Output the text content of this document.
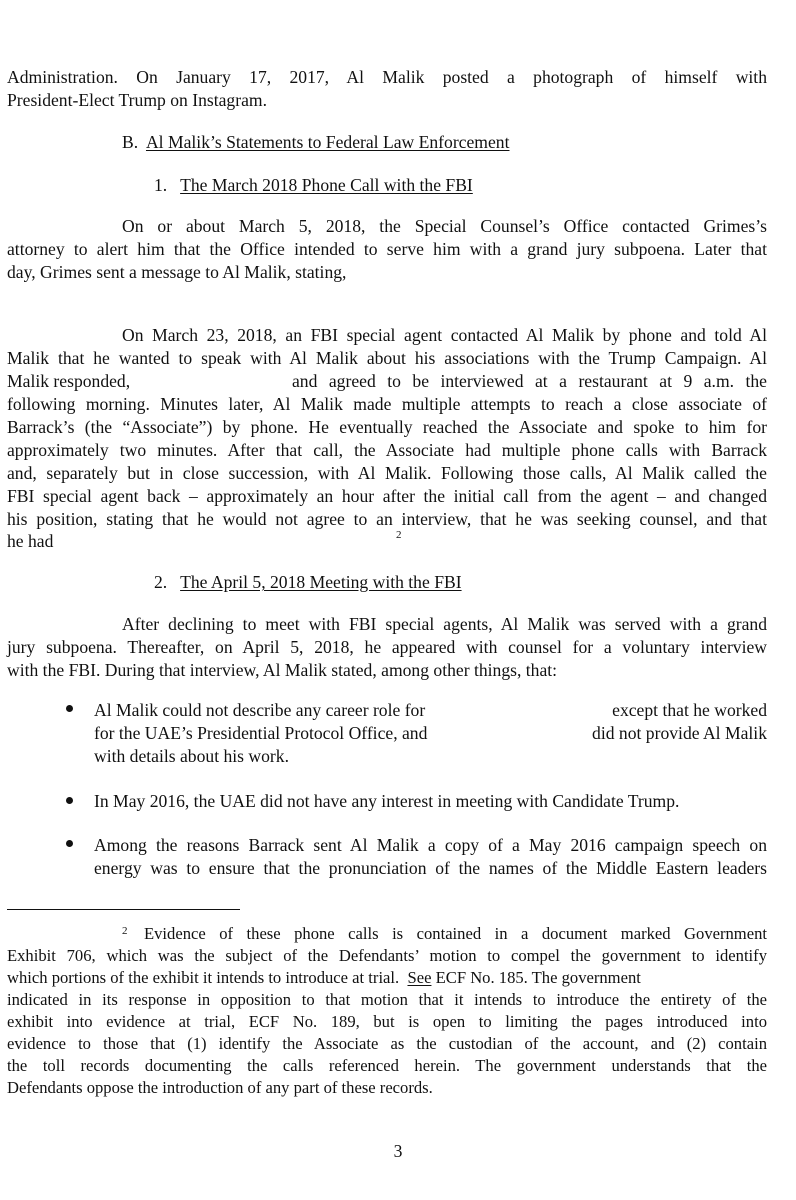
Administration. On January 17, 2017, Al Malik posted a photograph of himself with
President-Elect Trump on Instagram.
B. Al Malik’s Statements to Federal Law Enforcement
1. The March 2018 Phone Call with the FBI
On or about March 5, 2018, the Special Counsel’s Office contacted Grimes’s
attorney to alert him that the Office intended to serve him with a grand jury subpoena. Later that
day, Grimes sent a message to Al Malik, stating,
On March 23, 2018, an FBI special agent contacted Al Malik by phone and told Al
Malik that he wanted to speak with Al Malik about his associations with the Trump Campaign. Al
Malik responded,	and agreed to be interviewed at a restaurant at 9 a.m. the
following morning. Minutes later, Al Malik made multiple attempts to reach a close associate of
Barrack’s (the “Associate”) by phone. He eventually reached the Associate and spoke to him for
approximately two minutes. After that call, the Associate had multiple phone calls with Barrack
and, separately but in close succession, with Al Malik. Following those calls, Al Malik called the
FBI special agent back – approximately an hour after the initial call from the agent – and changed
his position, stating that he would not agree to an interview, that he was seeking counsel, and that
he had	2
2. The April 5, 2018 Meeting with the FBI
After declining to meet with FBI special agents, Al Malik was served with a grand
jury subpoena. Thereafter, on April 5, 2018, he appeared with counsel for a voluntary interview
with the FBI. During that interview, Al Malik stated, among other things, that:
Al Malik could not describe any career role for	except that he worked
for the UAE’s Presidential Protocol Office, and	did not provide Al Malik
with details about his work.
In May 2016, the UAE did not have any interest in meeting with Candidate Trump.
Among the reasons Barrack sent Al Malik a copy of a May 2016 campaign speech on
energy was to ensure that the pronunciation of the names of the Middle Eastern leaders
2 Evidence of these phone calls is contained in a document marked Government
Exhibit 706, which was the subject of the Defendants’ motion to compel the government to identify
which portions of the exhibit it intends to introduce at trial. See ECF No. 185. The government
indicated in its response in opposition to that motion that it intends to introduce the entirety of the
exhibit into evidence at trial, ECF No. 189, but is open to limiting the pages introduced into
evidence to those that (1) identify the Associate as the custodian of the account, and (2) contain
the toll records documenting the calls referenced herein. The government understands that the
Defendants oppose the introduction of any part of these records.
3
